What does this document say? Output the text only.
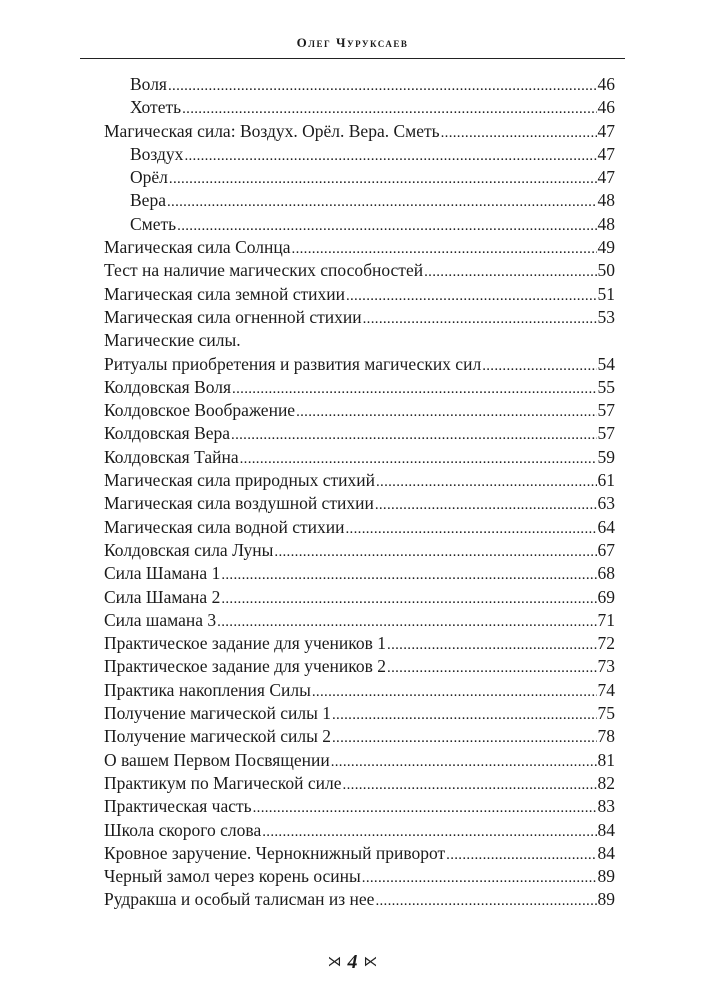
Олег Чуруксаев
Воля .....	46
Хотеть .....	46
Магическая сила: Воздух. Орёл. Вера. Сметь .....	47
Воздух .....	47
Орёл .....	47
Вера .....	48
Сметь .....	48
Магическая сила Солнца .....	49
Тест на наличие магических способностей .....	50
Магическая сила земной стихии .....	51
Магическая сила огненной стихии .....	53
Магические силы.
Ритуалы приобретения и развития магических сил .....	54
Колдовская Воля .....	55
Колдовское Воображение .....	57
Колдовская Вера .....	57
Колдовская Тайна .....	59
Магическая сила природных стихий .....	61
Магическая сила воздушной стихии .....	63
Магическая сила водной стихии .....	64
Колдовская сила Луны .....	67
Сила Шамана 1 .....	68
Сила Шамана 2 .....	69
Сила шамана 3 .....	71
Практическое задание для учеников 1 .....	72
Практическое задание для учеников 2 .....	73
Практика накопления Силы .....	74
Получение магической силы 1 .....	75
Получение магической силы 2 .....	78
О вашем Первом Посвящении .....	81
Практикум по Магической силе .....	82
Практическая часть .....	83
Школа скорого слова .....	84
Кровное заручение. Чернокнижный приворот .....	84
Черный замол через корень осины .....	89
Рудракша и особый талисман из нее .....	89
⋊ 4 ⋉
